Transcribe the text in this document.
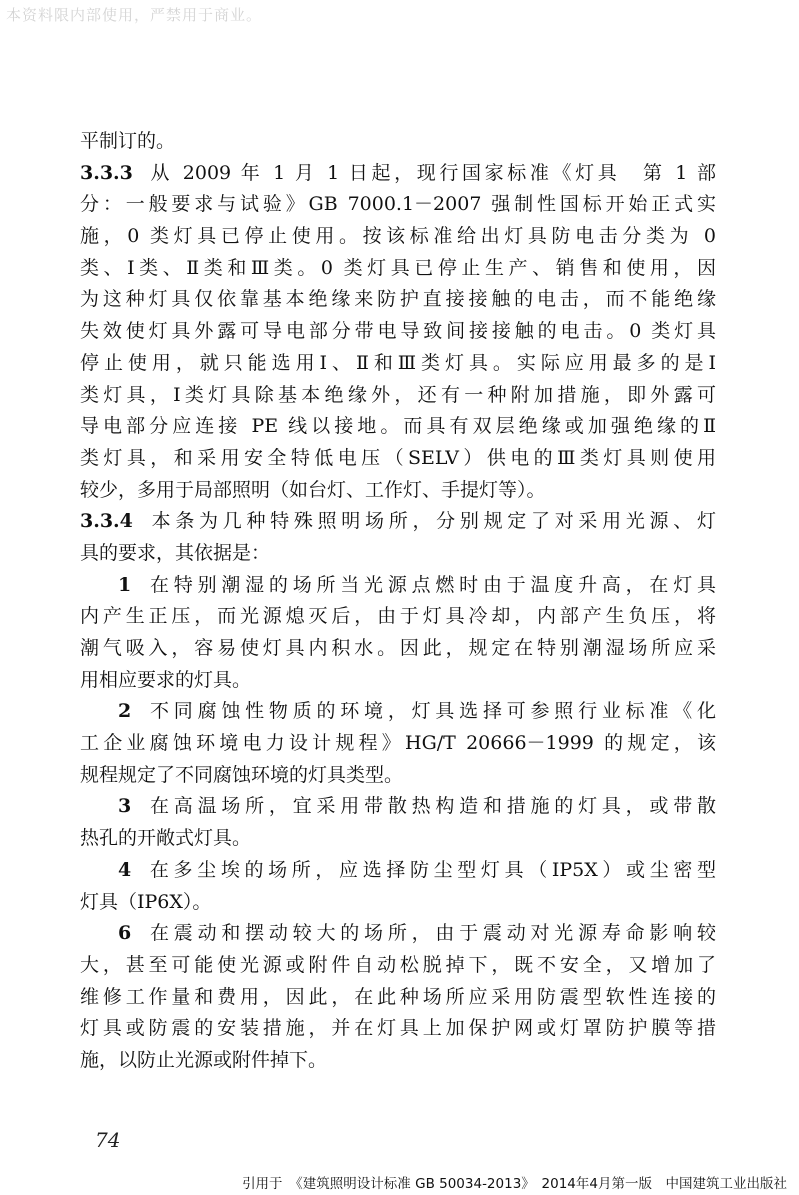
本资料限内部使用，严禁用于商业。
平制订的。
3.3.3 从 2009 年 1 月 1 日起，现行国家标准《灯具　第 1 部
分：一般要求与试验》GB 7000.1－2007 强制性国标开始正式实
施，0 类灯具已停止使用。按该标准给出灯具防电击分类为 0
类、Ⅰ类、Ⅱ类和Ⅲ类。0 类灯具已停止生产、销售和使用，因
为这种灯具仅依靠基本绝缘来防护直接接触的电击，而不能绝缘
失效使灯具外露可导电部分带电导致间接接触的电击。0 类灯具
停止使用，就只能选用Ⅰ、Ⅱ和Ⅲ类灯具。实际应用最多的是Ⅰ
类灯具，Ⅰ类灯具除基本绝缘外，还有一种附加措施，即外露可
导电部分应连接 PE 线以接地。而具有双层绝缘或加强绝缘的Ⅱ
类灯具，和采用安全特低电压（SELV）供电的Ⅲ类灯具则使用
较少，多用于局部照明（如台灯、工作灯、手提灯等）。
3.3.4 本条为几种特殊照明场所，分别规定了对采用光源、灯
具的要求，其依据是：
1 在特别潮湿的场所当光源点燃时由于温度升高，在灯具
内产生正压，而光源熄灭后，由于灯具冷却，内部产生负压，将
潮气吸入，容易使灯具内积水。因此，规定在特别潮湿场所应采
用相应要求的灯具。
2 不同腐蚀性物质的环境，灯具选择可参照行业标准《化
工企业腐蚀环境电力设计规程》HG/T 20666－1999 的规定，该
规程规定了不同腐蚀环境的灯具类型。
3 在高温场所，宜采用带散热构造和措施的灯具，或带散
热孔的开敞式灯具。
4 在多尘埃的场所，应选择防尘型灯具（IP5X）或尘密型
灯具（IP6X）。
6 在震动和摆动较大的场所，由于震动对光源寿命影响较
大，甚至可能使光源或附件自动松脱掉下，既不安全，又增加了
维修工作量和费用，因此，在此种场所应采用防震型软性连接的
灯具或防震的安装措施，并在灯具上加保护网或灯罩防护膜等措
施，以防止光源或附件掉下。
74
引用于　《建筑照明设计标准 GB 50034-2013》　2014年4月第一版　中国建筑工业出版社
